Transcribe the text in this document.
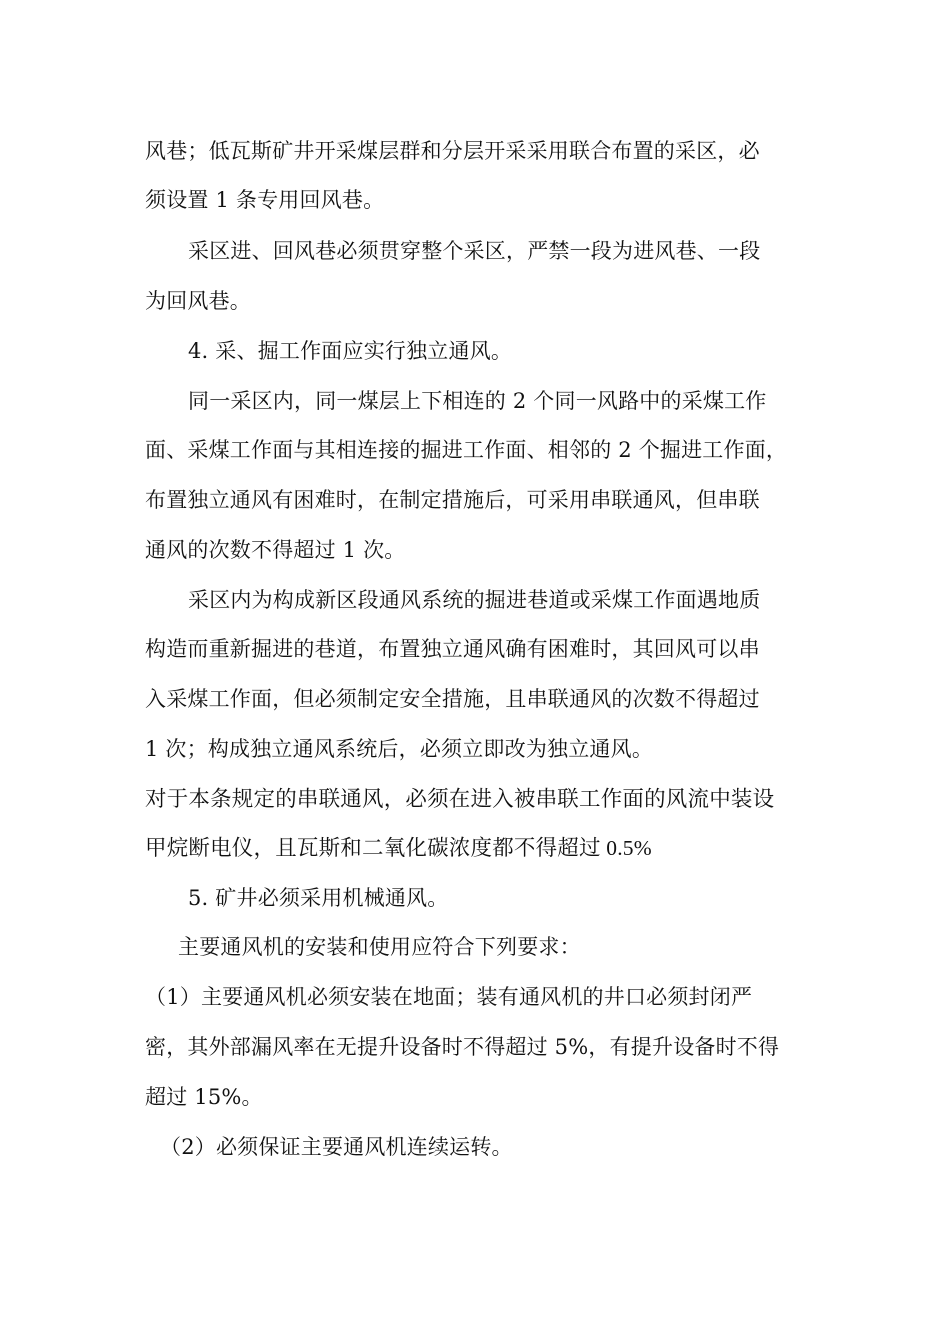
风巷；低瓦斯矿井开采煤层群和分层开采采用联合布置的采区，必
须设置 1 条专用回风巷。
采区进、回风巷必须贯穿整个采区，严禁一段为进风巷、一段
为回风巷。
4. 采、掘工作面应实行独立通风。
同一采区内，同一煤层上下相连的 2 个同一风路中的采煤工作
面、采煤工作面与其相连接的掘进工作面、相邻的 2 个掘进工作面，
布置独立通风有困难时，在制定措施后，可采用串联通风，但串联
通风的次数不得超过 1 次。
采区内为构成新区段通风系统的掘进巷道或采煤工作面遇地质
构造而重新掘进的巷道，布置独立通风确有困难时，其回风可以串
入采煤工作面，但必须制定安全措施，且串联通风的次数不得超过
1 次；构成独立通风系统后，必须立即改为独立通风。
对于本条规定的串联通风，必须在进入被串联工作面的风流中装设
甲烷断电仪，且瓦斯和二氧化碳浓度都不得超过 0.5%
5. 矿井必须采用机械通风。
主要通风机的安装和使用应符合下列要求：
（1）主要通风机必须安装在地面；装有通风机的井口必须封闭严
密，其外部漏风率在无提升设备时不得超过 5%，有提升设备时不得
超过 15%。
（2）必须保证主要通风机连续运转。
